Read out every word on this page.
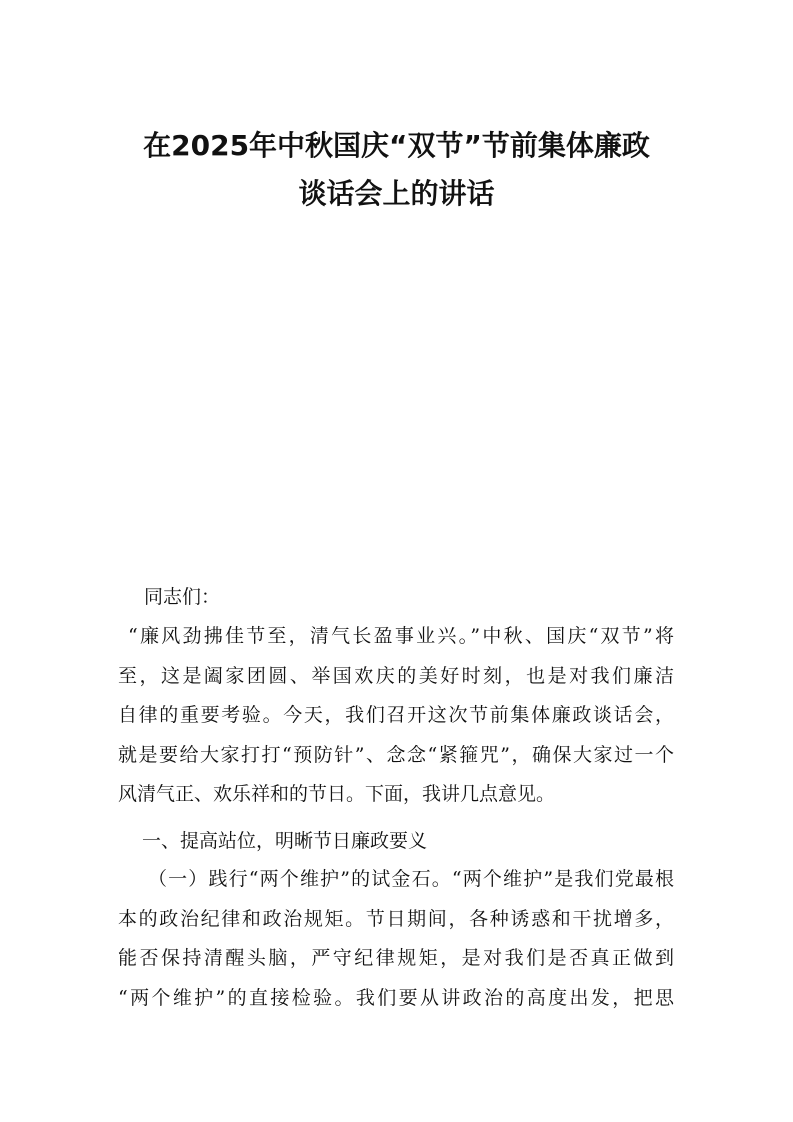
在2025年中秋国庆“双节”节前集体廉政
谈话会上的讲话

同志们：

“廉风劲拂佳节至，清气长盈事业兴。”中秋、国庆“双节”将
至，这是阖家团圆、举国欢庆的美好时刻，也是对我们廉洁
自律的重要考验。今天，我们召开这次节前集体廉政谈话会，
就是要给大家打打“预防针”、念念“紧箍咒”，确保大家过一个
风清气正、欢乐祥和的节日。下面，我讲几点意见。

一、提高站位，明晰节日廉政要义

（一）践行“两个维护”的试金石。“两个维护”是我们党最根
本的政治纪律和政治规矩。节日期间，各种诱惑和干扰增多，
能否保持清醒头脑，严守纪律规矩，是对我们是否真正做到
“两个维护”的直接检验。我们要从讲政治的高度出发，把思
